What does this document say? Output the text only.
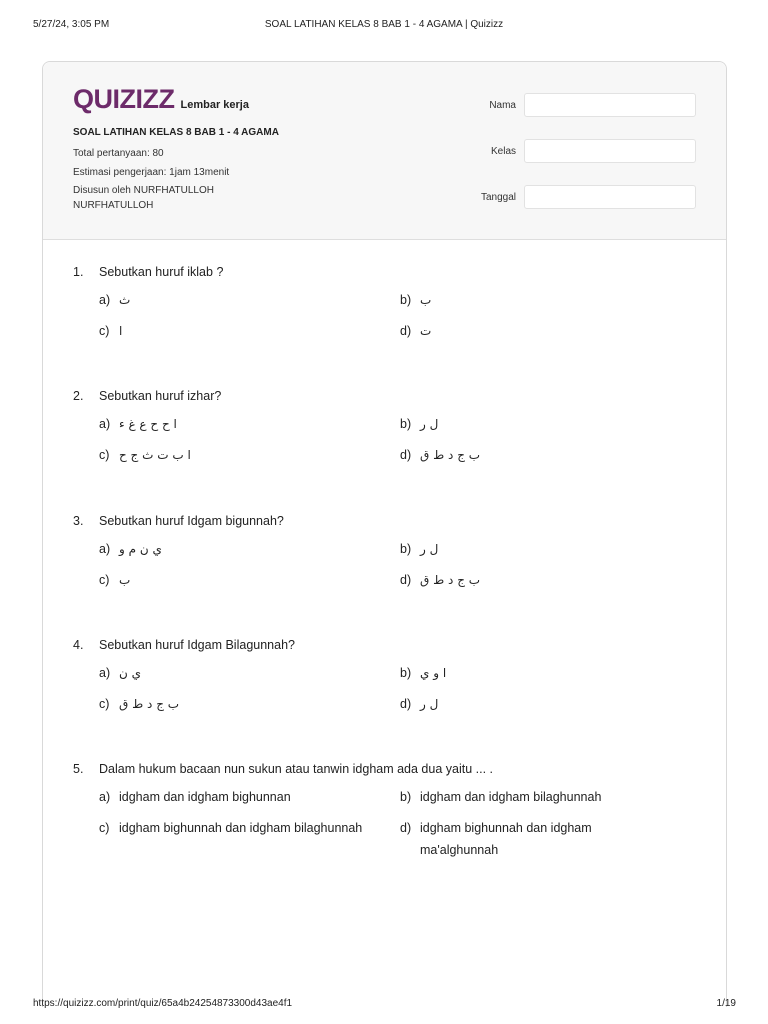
5/27/24, 3:05 PM	SOAL LATIHAN KELAS 8 BAB 1 - 4 AGAMA | Quizizz
QUIZIZZ Lembar kerja
SOAL LATIHAN KELAS 8 BAB 1 - 4 AGAMA
Total pertanyaan: 80
Estimasi pengerjaan: 1jam 13menit
Disusun oleh NURFHATULLOH NURFHATULLOH
Nama
Kelas
Tanggal
1.	Sebutkan huruf iklab ?
a) ث	b) ب
c) ا	d) ت
2.	Sebutkan huruf izhar?
a) ا ح ح ع غ ء	b) ل ر
c) ا ب ت ث ج ح	d) ب ج د ط ق
3.	Sebutkan huruf Idgam bigunnah?
a) ي ن م و	b) ل ر
c) ب	d) ب ج د ط ق
4.	Sebutkan huruf Idgam Bilagunnah?
a) ي ن	b) ا و ي
c) ب ج د ط ق	d) ل ر
5.	Dalam hukum bacaan nun sukun atau tanwin idgham ada dua yaitu ... .
a) idgham dan idgham bighunnan	b) idgham dan idgham bilaghunnah
c) idgham bighunnah dan idgham bilaghunnah	d) idgham bighunnah dan idgham ma'alghunnah
https://quizizz.com/print/quiz/65a4b24254873300d43ae4f1	1/19
